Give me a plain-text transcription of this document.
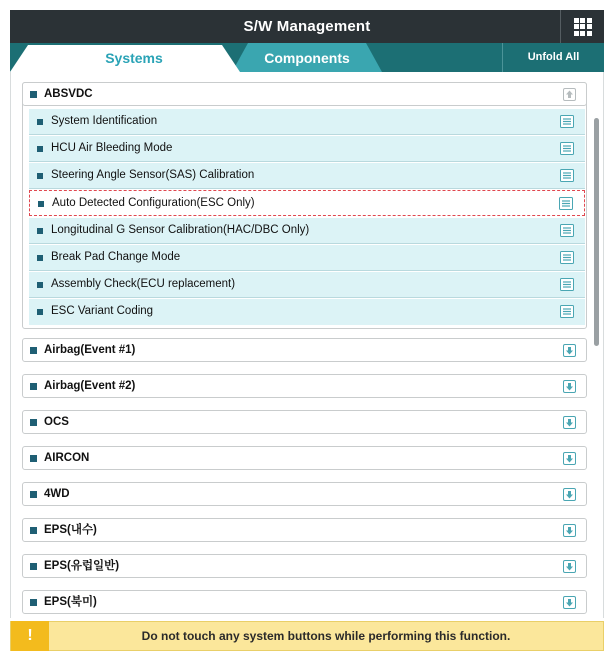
S/W Management
Systems	Components	Unfold All
ABSVDC
System Identification
HCU Air Bleeding Mode
Steering Angle Sensor(SAS) Calibration
Auto Detected Configuration(ESC Only)
Longitudinal G Sensor Calibration(HAC/DBC Only)
Break Pad Change Mode
Assembly Check(ECU replacement)
ESC Variant Coding
Airbag(Event #1)
Airbag(Event #2)
OCS
AIRCON
4WD
EPS(내수)
EPS(유럽일반)
EPS(북미)
!	Do not touch any system buttons while performing this function.
